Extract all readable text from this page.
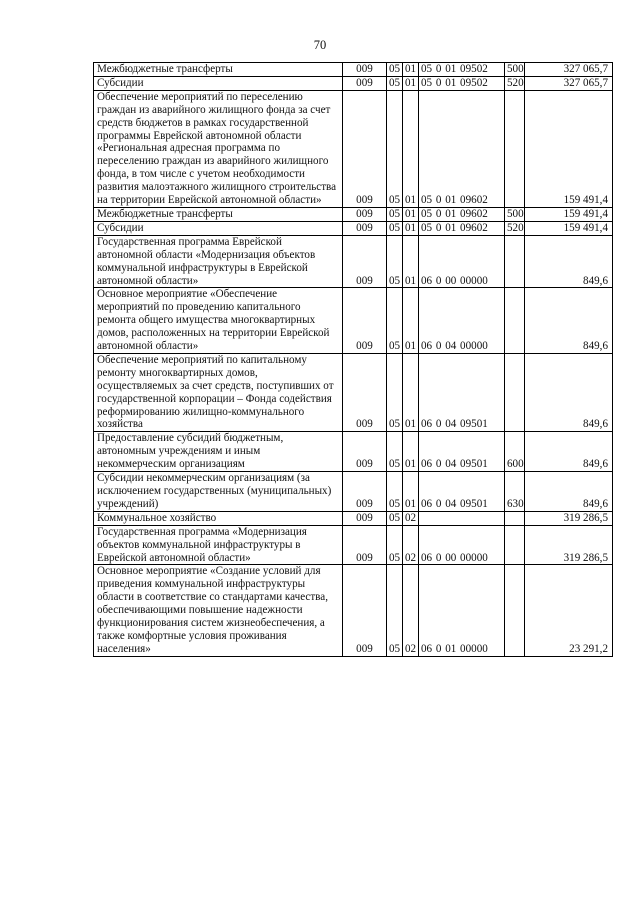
70
Межбюджетные трансферты	009	05	01	05 0 01 09502	500	327 065,7
Субсидии	009	05	01	05 0 01 09502	520	327 065,7
Обеспечение мероприятий по переселению граждан из аварийного жилищного фонда за счет средств бюджетов в рамках государственной программы Еврейской автономной области «Региональная адресная программа по переселению граждан из аварийного жилищного фонда, в том числе с учетом необходимости развития малоэтажного жилищного строительства на территории Еврейской автономной области»	009	05	01	05 0 01 09602		159 491,4
Межбюджетные трансферты	009	05	01	05 0 01 09602	500	159 491,4
Субсидии	009	05	01	05 0 01 09602	520	159 491,4
Государственная программа Еврейской автономной области «Модернизация объектов коммунальной инфраструктуры в Еврейской автономной области»	009	05	01	06 0 00 00000		849,6
Основное мероприятие «Обеспечение мероприятий по проведению капитального ремонта общего имущества многоквартирных домов, расположенных на территории Еврейской автономной области»	009	05	01	06 0 04 00000		849,6
Обеспечение мероприятий по капитальному ремонту многоквартирных домов, осуществляемых за счет средств, поступивших от государственной корпорации – Фонда содействия реформированию жилищно-коммунального хозяйства	009	05	01	06 0 04 09501		849,6
Предоставление субсидий бюджетным, автономным учреждениям и иным некоммерческим организациям	009	05	01	06 0 04 09501	600	849,6
Субсидии некоммерческим организациям (за исключением государственных (муниципальных) учреждений)	009	05	01	06 0 04 09501	630	849,6
Коммунальное хозяйство	009	05	02			319 286,5
Государственная программа «Модернизация объектов коммунальной инфраструктуры в Еврейской автономной области»	009	05	02	06 0 00 00000		319 286,5
Основное мероприятие «Создание условий для приведения коммунальной инфраструктуры области в соответствие со стандартами качества, обеспечивающими повышение надежности функционирования систем жизнеобеспечения, а также комфортные условия проживания населения»	009	05	02	06 0 01 00000		23 291,2
